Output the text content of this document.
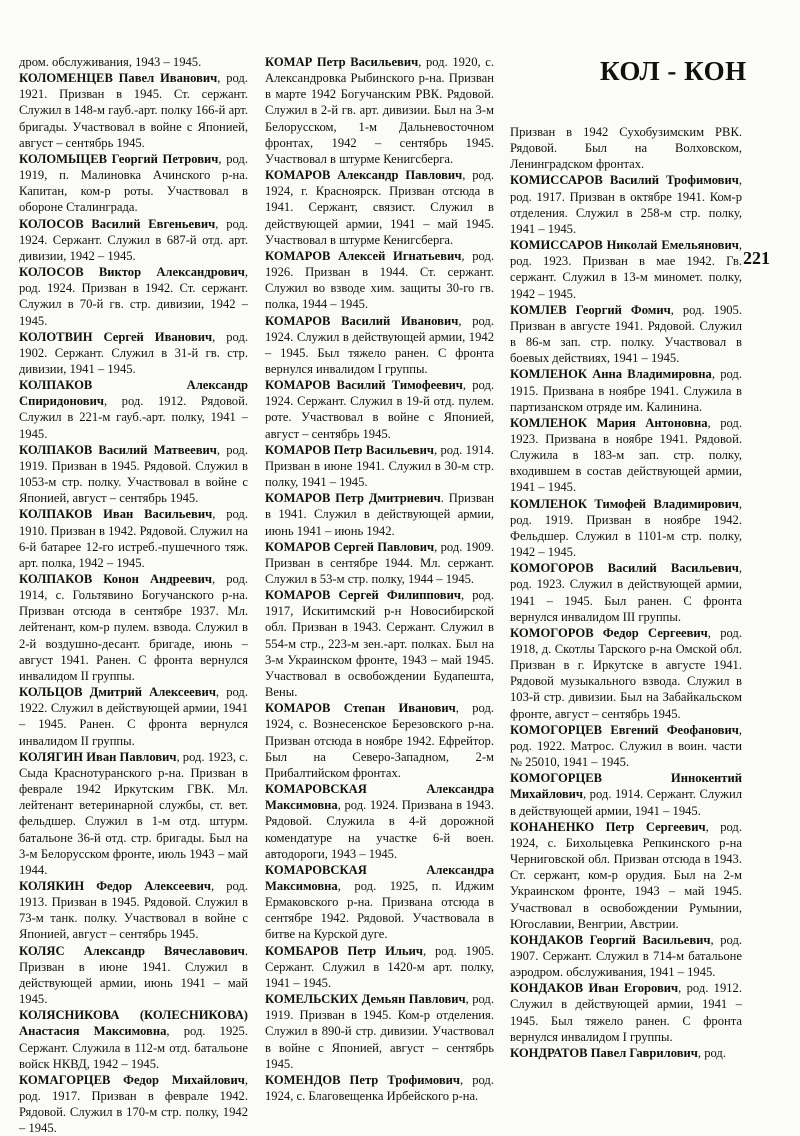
КОЛ - КОН
221

дром. обслуживания, 1943 – 1945.

КОЛОМЕНЦЕВ Павел Иванович, род. 1921. Призван в 1945. Ст. сержант. Служил в 148-м гауб.-арт. полку 166-й арт. бригады. Участвовал в войне с Японией, август – сентябрь 1945.

КОЛОМЫЦЕВ Георгий Петрович, род. 1919, п. Малиновка Ачинского р-на. Капитан, ком-р роты. Участвовал в обороне Сталинграда.

КОЛОСОВ Василий Евгеньевич, род. 1924. Сержант. Служил в 687-й отд. арт. дивизии, 1942 – 1945.

КОЛОСОВ Виктор Александрович, род. 1924. Призван в 1942. Ст. сержант. Служил в 70-й гв. стр. дивизии, 1942 – 1945.

КОЛОТВИН Сергей Иванович, род. 1902. Сержант. Служил в 31-й гв. стр. дивизии, 1941 – 1945.

КОЛПАКОВ Александр Спиридонович, род. 1912. Рядовой. Служил в 221-м гауб.-арт. полку, 1941 – 1945.

КОЛПАКОВ Василий Матвеевич, род. 1919. Призван в 1945. Рядовой. Служил в 1053-м стр. полку. Участвовал в войне с Японией, август – сентябрь 1945.

КОЛПАКОВ Иван Васильевич, род. 1910. Призван в 1942. Рядовой. Служил на 6-й батарее 12-го истреб.-пушечного тяж. арт. полка, 1942 – 1945.

КОЛПАКОВ Конон Андреевич, род. 1914, с. Гольтявино Богучанского р-на. Призван отсюда в сентябре 1937. Мл. лейтенант, ком-р пулем. взвода. Служил в 2-й воздушно-десант. бригаде, июнь – август 1941. Ранен. С фронта вернулся инвалидом II группы.

КОЛЬЦОВ Дмитрий Алексеевич, род. 1922. Служил в действующей армии, 1941 – 1945. Ранен. С фронта вернулся инвалидом II группы.

КОЛЯГИН Иван Павлович, род. 1923, с. Сыда Краснотуранского р-на. Призван в феврале 1942 Иркутским ГВК. Мл. лейтенант ветеринарной службы, ст. вет. фельдшер. Служил в 1-м отд. штурм. батальоне 36-й отд. стр. бригады. Был на 3-м Белорусском фронте, июль 1943 – май 1944.

КОЛЯКИН Федор Алексеевич, род. 1913. Призван в 1945. Рядовой. Служил в 73-м танк. полку. Участвовал в войне с Японией, август – сентябрь 1945.

КОЛЯС Александр Вячеславович. Призван в июне 1941. Служил в действующей армии, июнь 1941 – май 1945.

КОЛЯСНИКОВА (КОЛЕСНИКОВА) Анастасия Максимовна, род. 1925. Сержант. Служила в 112-м отд. батальоне войск НКВД, 1942 – 1945.

КОМАГОРЦЕВ Федор Михайлович, род. 1917. Призван в феврале 1942. Рядовой. Служил в 170-м стр. полку, 1942 – 1945.

КОМАР Петр Васильевич, род. 1920, с. Александровка Рыбинского р-на. Призван в марте 1942 Богучанским РВК. Рядовой. Служил в 2-й гв. арт. дивизии. Был на 3-м Белорусском, 1-м Дальневосточном фронтах, 1942 – сентябрь 1945. Участвовал в штурме Кенигсберга.

КОМАРОВ Александр Павлович, род. 1924, г. Красноярск. Призван отсюда в 1941. Сержант, связист. Служил в действующей армии, 1941 – май 1945. Участвовал в штурме Кенигсберга.

КОМАРОВ Алексей Игнатьевич, род. 1926. Призван в 1944. Ст. сержант. Служил во взводе хим. защиты 30-го гв. полка, 1944 – 1945.

КОМАРОВ Василий Иванович, род. 1924. Служил в действующей армии, 1942 – 1945. Был тяжело ранен. С фронта вернулся инвалидом I группы.

КОМАРОВ Василий Тимофеевич, род. 1924. Сержант. Служил в 19-й отд. пулем. роте. Участвовал в войне с Японией, август – сентябрь 1945.

КОМАРОВ Петр Васильевич, род. 1914. Призван в июне 1941. Служил в 30-м стр. полку, 1941 – 1945.

КОМАРОВ Петр Дмитриевич. Призван в 1941. Служил в действующей армии, июнь 1941 – июнь 1942.

КОМАРОВ Сергей Павлович, род. 1909. Призван в сентябре 1944. Мл. сержант. Служил в 53-м стр. полку, 1944 – 1945.

КОМАРОВ Сергей Филиппович, род. 1917, Искитимский р-н Новосибирской обл. Призван в 1943. Сержант. Служил в 554-м стр., 223-м зен.-арт. полках. Был на 3-м Украинском фронте, 1943 – май 1945. Участвовал в освобождении Будапешта, Вены.

КОМАРОВ Степан Иванович, род. 1924, с. Вознесенское Березовского р-на. Призван отсюда в ноябре 1942. Ефрейтор. Был на Северо-Западном, 2-м Прибалтийском фронтах.

КОМАРОВСКАЯ Александра Максимовна, род. 1924. Призвана в 1943. Рядовой. Служила в 4-й дорожной комендатуре на участке 6-й воен. автодороги, 1943 – 1945.

КОМАРОВСКАЯ Александра Максимовна, род. 1925, п. Иджим Ермаковского р-на. Призвана отсюда в сентябре 1942. Рядовой. Участвовала в битве на Курской дуге.

КОМБАРОВ Петр Ильич, род. 1905. Сержант. Служил в 1420-м арт. полку, 1941 – 1945.

КОМЕЛЬСКИХ Демьян Павлович, род. 1919. Призван в 1945. Ком-р отделения. Служил в 890-й стр. дивизии. Участвовал в войне с Японией, август – сентябрь 1945.

КОМЕНДОВ Петр Трофимович, род. 1924, с. Благовещенка Ирбейского р-на.

Призван в 1942 Сухобузимским РВК. Рядовой. Был на Волховском, Ленинградском фронтах.

КОМИССАРОВ Василий Трофимович, род. 1917. Призван в октябре 1941. Ком-р отделения. Служил в 258-м стр. полку, 1941 – 1945.

КОМИССАРОВ Николай Емельянович, род. 1923. Призван в мае 1942. Гв. сержант. Служил в 13-м миномет. полку, 1942 – 1945.

КОМЛЕВ Георгий Фомич, род. 1905. Призван в августе 1941. Рядовой. Служил в 86-м зап. стр. полку. Участвовал в боевых действиях, 1941 – 1945.

КОМЛЕНОК Анна Владимировна, род. 1915. Призвана в ноябре 1941. Служила в партизанском отряде им. Калинина.

КОМЛЕНОК Мария Антоновна, род. 1923. Призвана в ноябре 1941. Рядовой. Служила в 183-м зап. стр. полку, входившем в состав действующей армии, 1941 – 1945.

КОМЛЕНОК Тимофей Владимирович, род. 1919. Призван в ноябре 1942. Фельдшер. Служил в 1101-м стр. полку, 1942 – 1945.

КОМОГОРОВ Василий Васильевич, род. 1923. Служил в действующей армии, 1941 – 1945. Был ранен. С фронта вернулся инвалидом III группы.

КОМОГОРОВ Федор Сергеевич, род. 1918, д. Скотлы Тарского р-на Омской обл. Призван в г. Иркутске в августе 1941. Рядовой музыкального взвода. Служил в 103-й стр. дивизии. Был на Забайкальском фронте, август – сентябрь 1945.

КОМОГОРЦЕВ Евгений Феофанович, род. 1922. Матрос. Служил в воин. части № 25010, 1941 – 1945.

КОМОГОРЦЕВ Иннокентий Михайлович, род. 1914. Сержант. Служил в действующей армии, 1941 – 1945.

КОНАНЕНКО Петр Сергеевич, род. 1924, с. Бихольцевка Репкинского р-на Черниговской обл. Призван отсюда в 1943. Ст. сержант, ком-р орудия. Был на 2-м Украинском фронте, 1943 – май 1945. Участвовал в освобождении Румынии, Югославии, Венгрии, Австрии.

КОНДАКОВ Георгий Васильевич, род. 1907. Сержант. Служил в 714-м батальоне аэродром. обслуживания, 1941 – 1945.

КОНДАКОВ Иван Егорович, род. 1912. Служил в действующей армии, 1941 – 1945. Был тяжело ранен. С фронта вернулся инвалидом I группы.

КОНДРАТОВ Павел Гаврилович, род.
